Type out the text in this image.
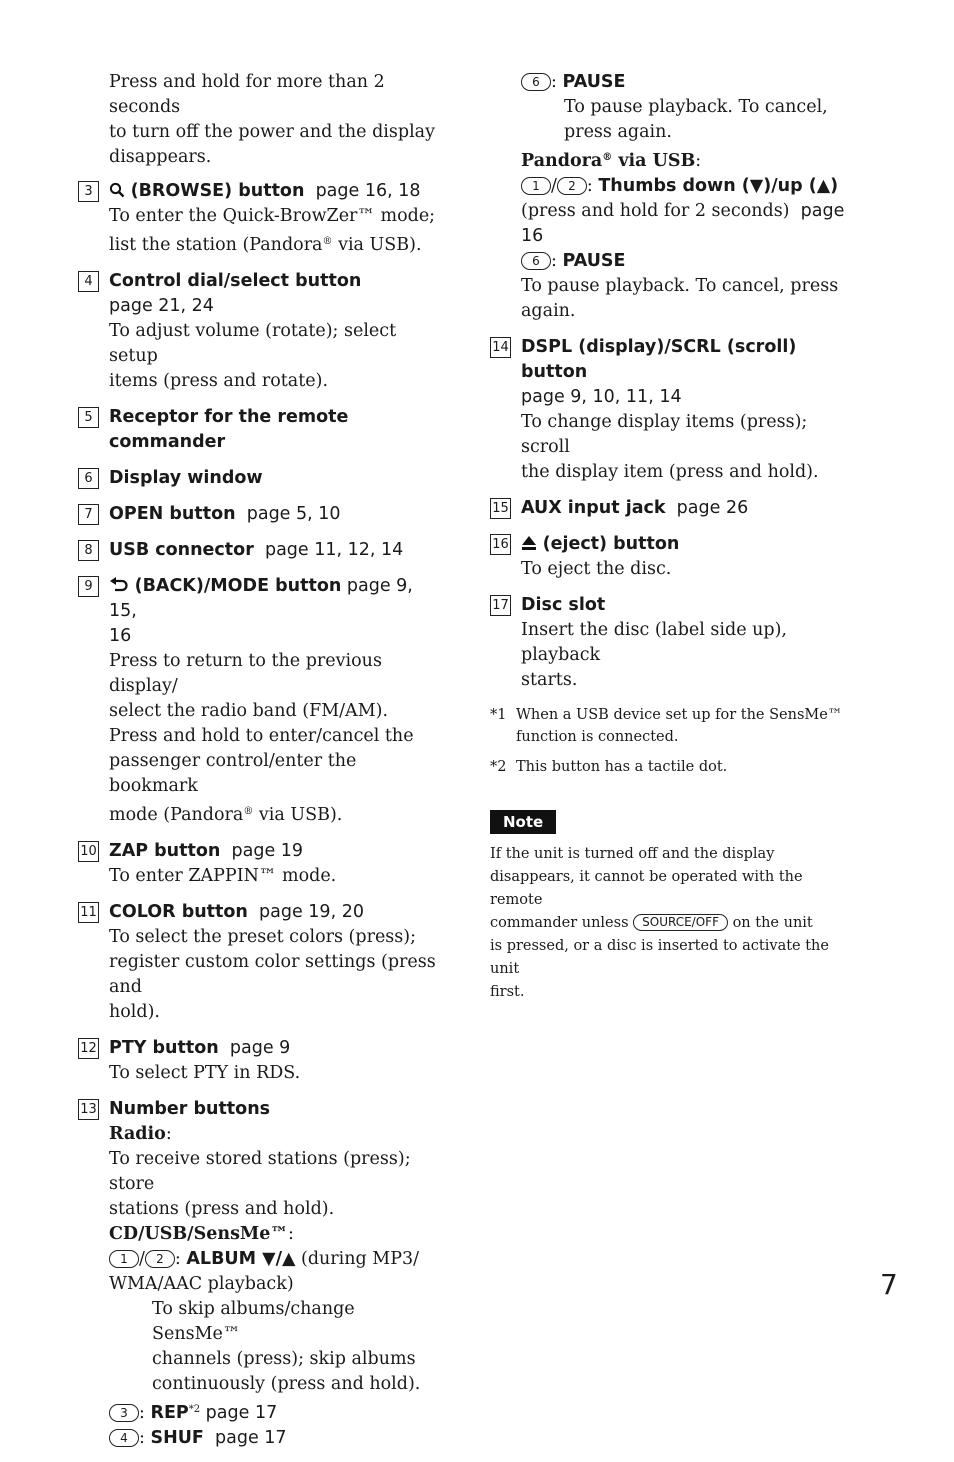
Press and hold for more than 2 seconds
to turn off the power and the display
disappears.
3	(BROWSE) button page 16, 18
To enter the Quick-BrowZer™ mode;
list the station (Pandora® via USB).
4 Control dial/select button
page 21, 24
To adjust volume (rotate); select setup
items (press and rotate).
5 Receptor for the remote
commander
6 Display window
7 OPEN button page 5, 10
8 USB connector page 11, 12, 14
9	(BACK)/MODE button page 9, 15,
16
Press to return to the previous display/
select the radio band (FM/AM).
Press and hold to enter/cancel the
passenger control/enter the bookmark
mode (Pandora® via USB).
10 ZAP button page 19
To enter ZAPPIN™ mode.
11 COLOR button page 19, 20
To select the preset colors (press);
register custom color settings (press and
hold).
12 PTY button page 9
To select PTY in RDS.
13 Number buttons
Radio:
To receive stored stations (press); store
stations (press and hold).
CD/USB/SensMe™:
1 / 2 : ALBUM ▼/▲ (during MP3/
WMA/AAC playback)
To skip albums/change SensMe™
channels (press); skip albums
continuously (press and hold).
3 : REP$^{*2}$ page 17
4 : SHUF page 17
6 : PAUSE
To pause playback. To cancel,
press again.
Pandora® via USB:
1 / 2 : Thumbs down (▼)/up (▲)
(press and hold for 2 seconds) page 16
6 : PAUSE
To pause playback. To cancel, press
again.
14 DSPL (display)/SCRL (scroll) button
page 9, 10, 11, 14
To change display items (press); scroll
the display item (press and hold).
15 AUX input jack page 26
16	(eject) button
To eject the disc.
17 Disc slot
Insert the disc (label side up), playback
starts.
*1 When a USB device set up for the SensMe™
function is connected.
*2 This button has a tactile dot.
Note
If the unit is turned off and the display
disappears, it cannot be operated with the remote
commander unless SOURCE/OFF on the unit
is pressed, or a disc is inserted to activate the unit
first.
7
